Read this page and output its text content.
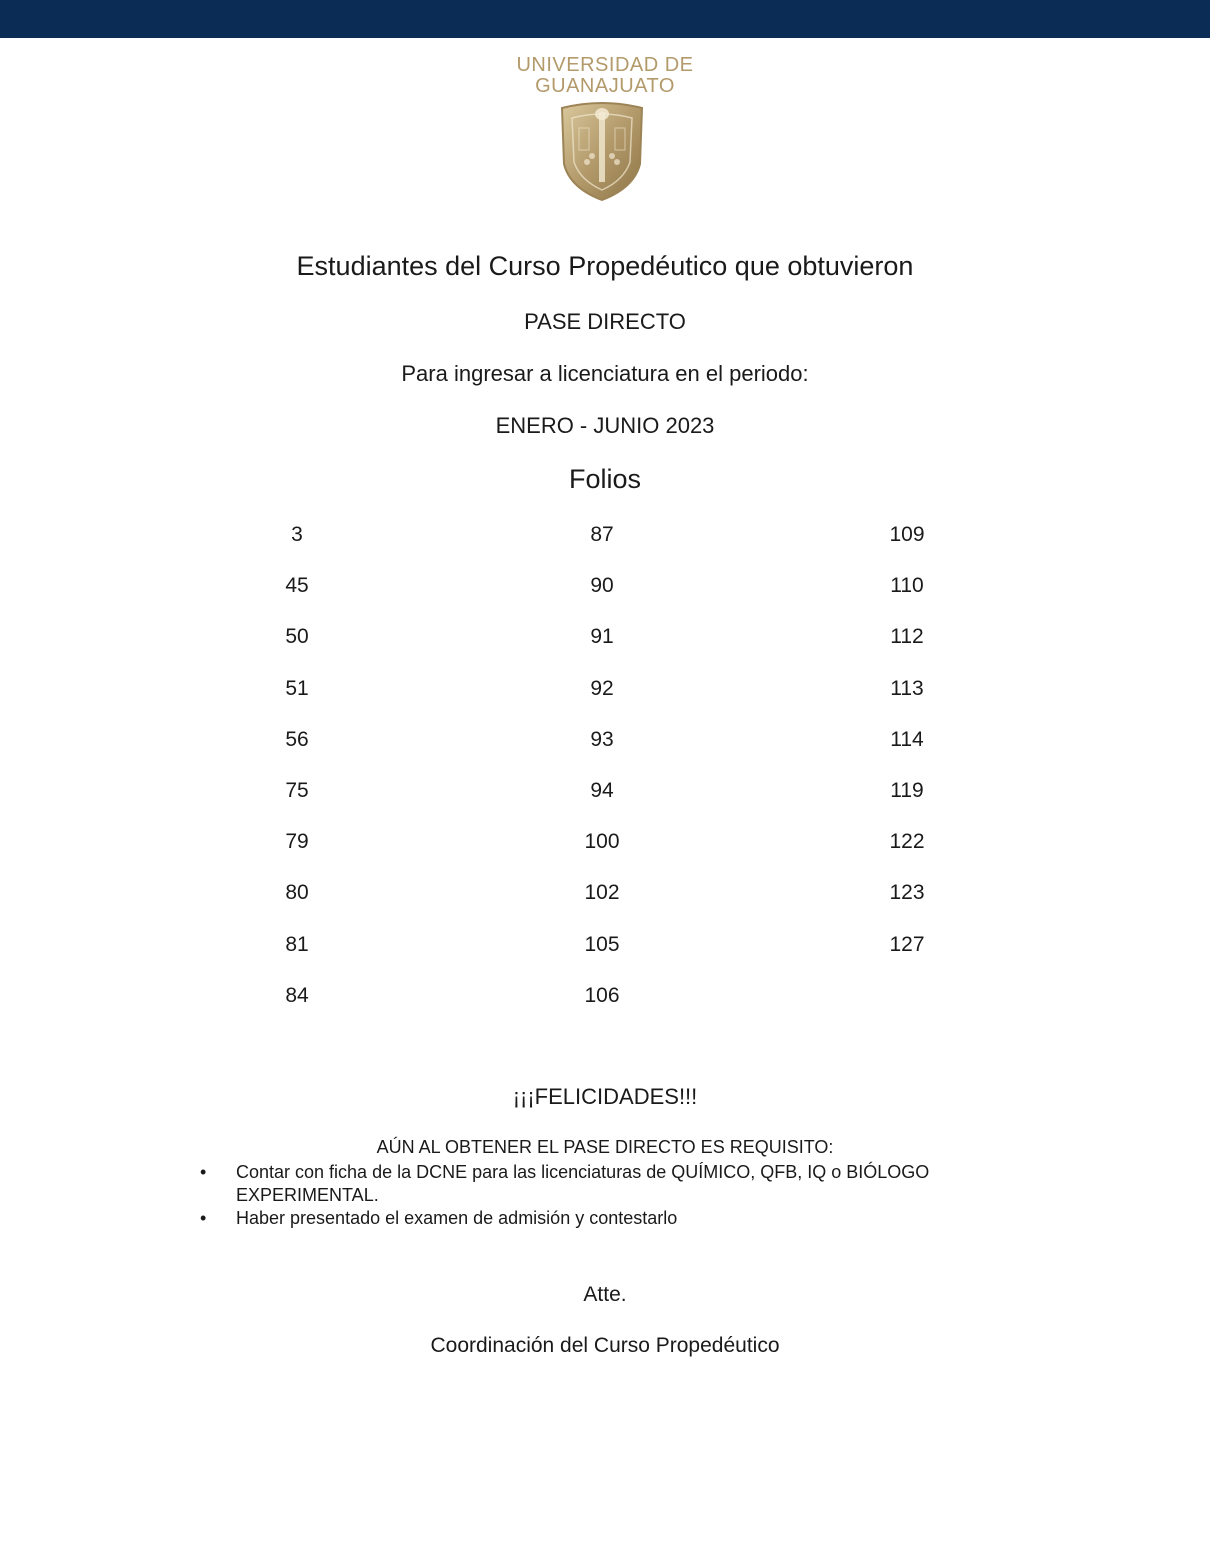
UNIVERSIDAD DE
GUANAJUATO
Estudiantes del Curso Propedéutico que obtuvieron
PASE DIRECTO
Para ingresar a licenciatura en el periodo:
ENERO - JUNIO 2023
Folios
3
45
50
51
56
75
79
80
81
84
87
90
91
92
93
94
100
102
105
106
109
110
112
113
114
119
122
123
127
¡¡¡FELICIDADES!!!
AÚN AL OBTENER EL PASE DIRECTO ES REQUISITO:
• Contar con ficha de la DCNE para las licenciaturas de QUÍMICO, QFB, IQ o BIÓLOGO EXPERIMENTAL.
• Haber presentado el examen de admisión y contestarlo
Atte.
Coordinación del Curso Propedéutico
